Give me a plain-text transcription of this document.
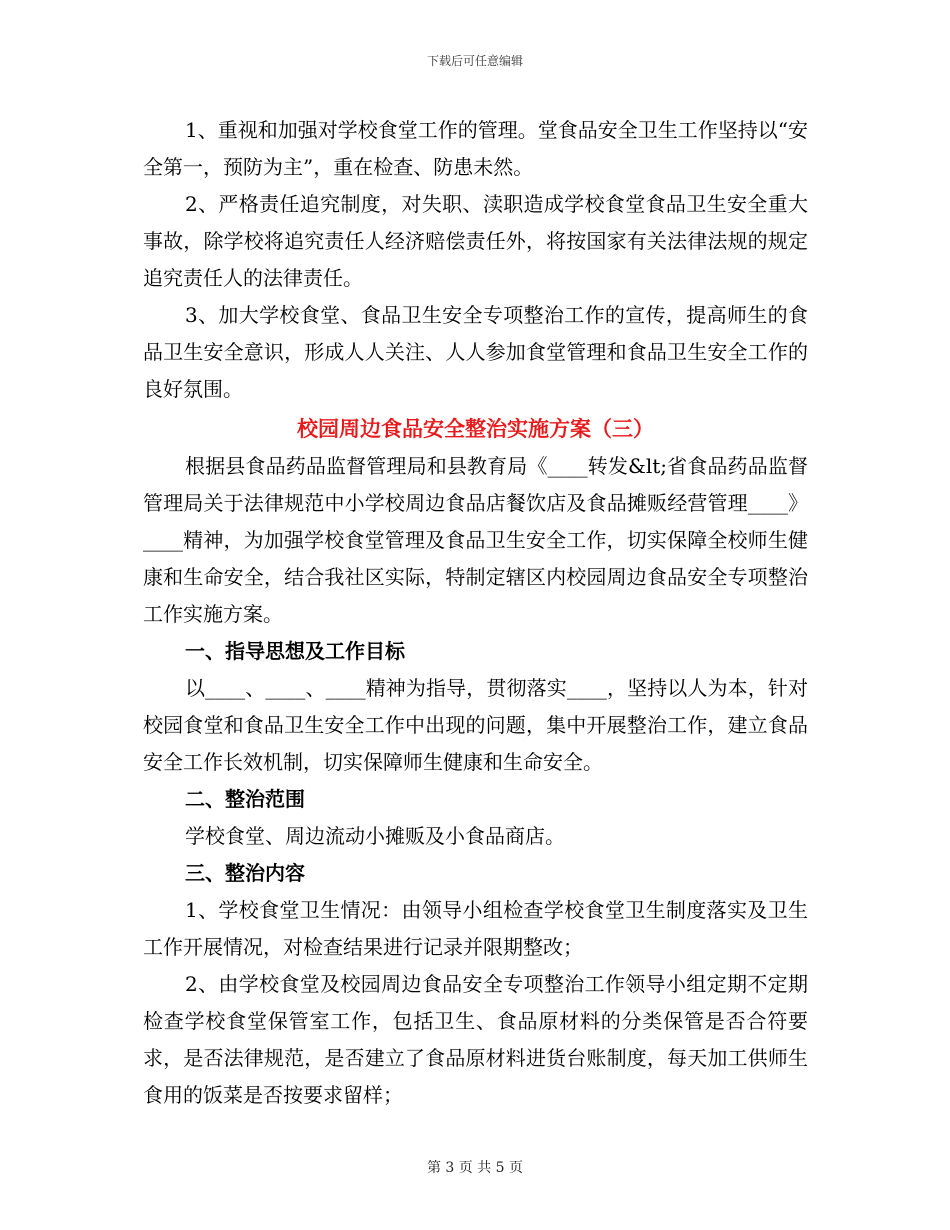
下载后可任意编辑

1、重视和加强对学校食堂工作的管理。堂食品安全卫生工作坚持以“安全第一，预防为主”，重在检查、防患未然。

2、严格责任追究制度，对失职、渎职造成学校食堂食品卫生安全重大事故，除学校将追究责任人经济赔偿责任外，将按国家有关法律法规的规定追究责任人的法律责任。

3、加大学校食堂、食品卫生安全专项整治工作的宣传，提高师生的食品卫生安全意识，形成人人关注、人人参加食堂管理和食品卫生安全工作的良好氛围。

校园周边食品安全整治实施方案（三）

根据县食品药品监督管理局和县教育局《____转发&lt;省食品药品监督管理局关于法律规范中小学校周边食品店餐饮店及食品摊贩经营管理____》____精神，为加强学校食堂管理及食品卫生安全工作，切实保障全校师生健康和生命安全，结合我社区实际，特制定辖区内校园周边食品安全专项整治工作实施方案。

一、指导思想及工作目标

以____、____、____精神为指导，贯彻落实____，坚持以人为本，针对校园食堂和食品卫生安全工作中出现的问题，集中开展整治工作，建立食品安全工作长效机制，切实保障师生健康和生命安全。

二、整治范围

学校食堂、周边流动小摊贩及小食品商店。

三、整治内容

1、学校食堂卫生情况：由领导小组检查学校食堂卫生制度落实及卫生工作开展情况，对检查结果进行记录并限期整改；

2、由学校食堂及校园周边食品安全专项整治工作领导小组定期不定期检查学校食堂保管室工作，包括卫生、食品原材料的分类保管是否合符要求，是否法律规范，是否建立了食品原材料进货台账制度，每天加工供师生食用的饭菜是否按要求留样；

第 3 页 共 5 页
